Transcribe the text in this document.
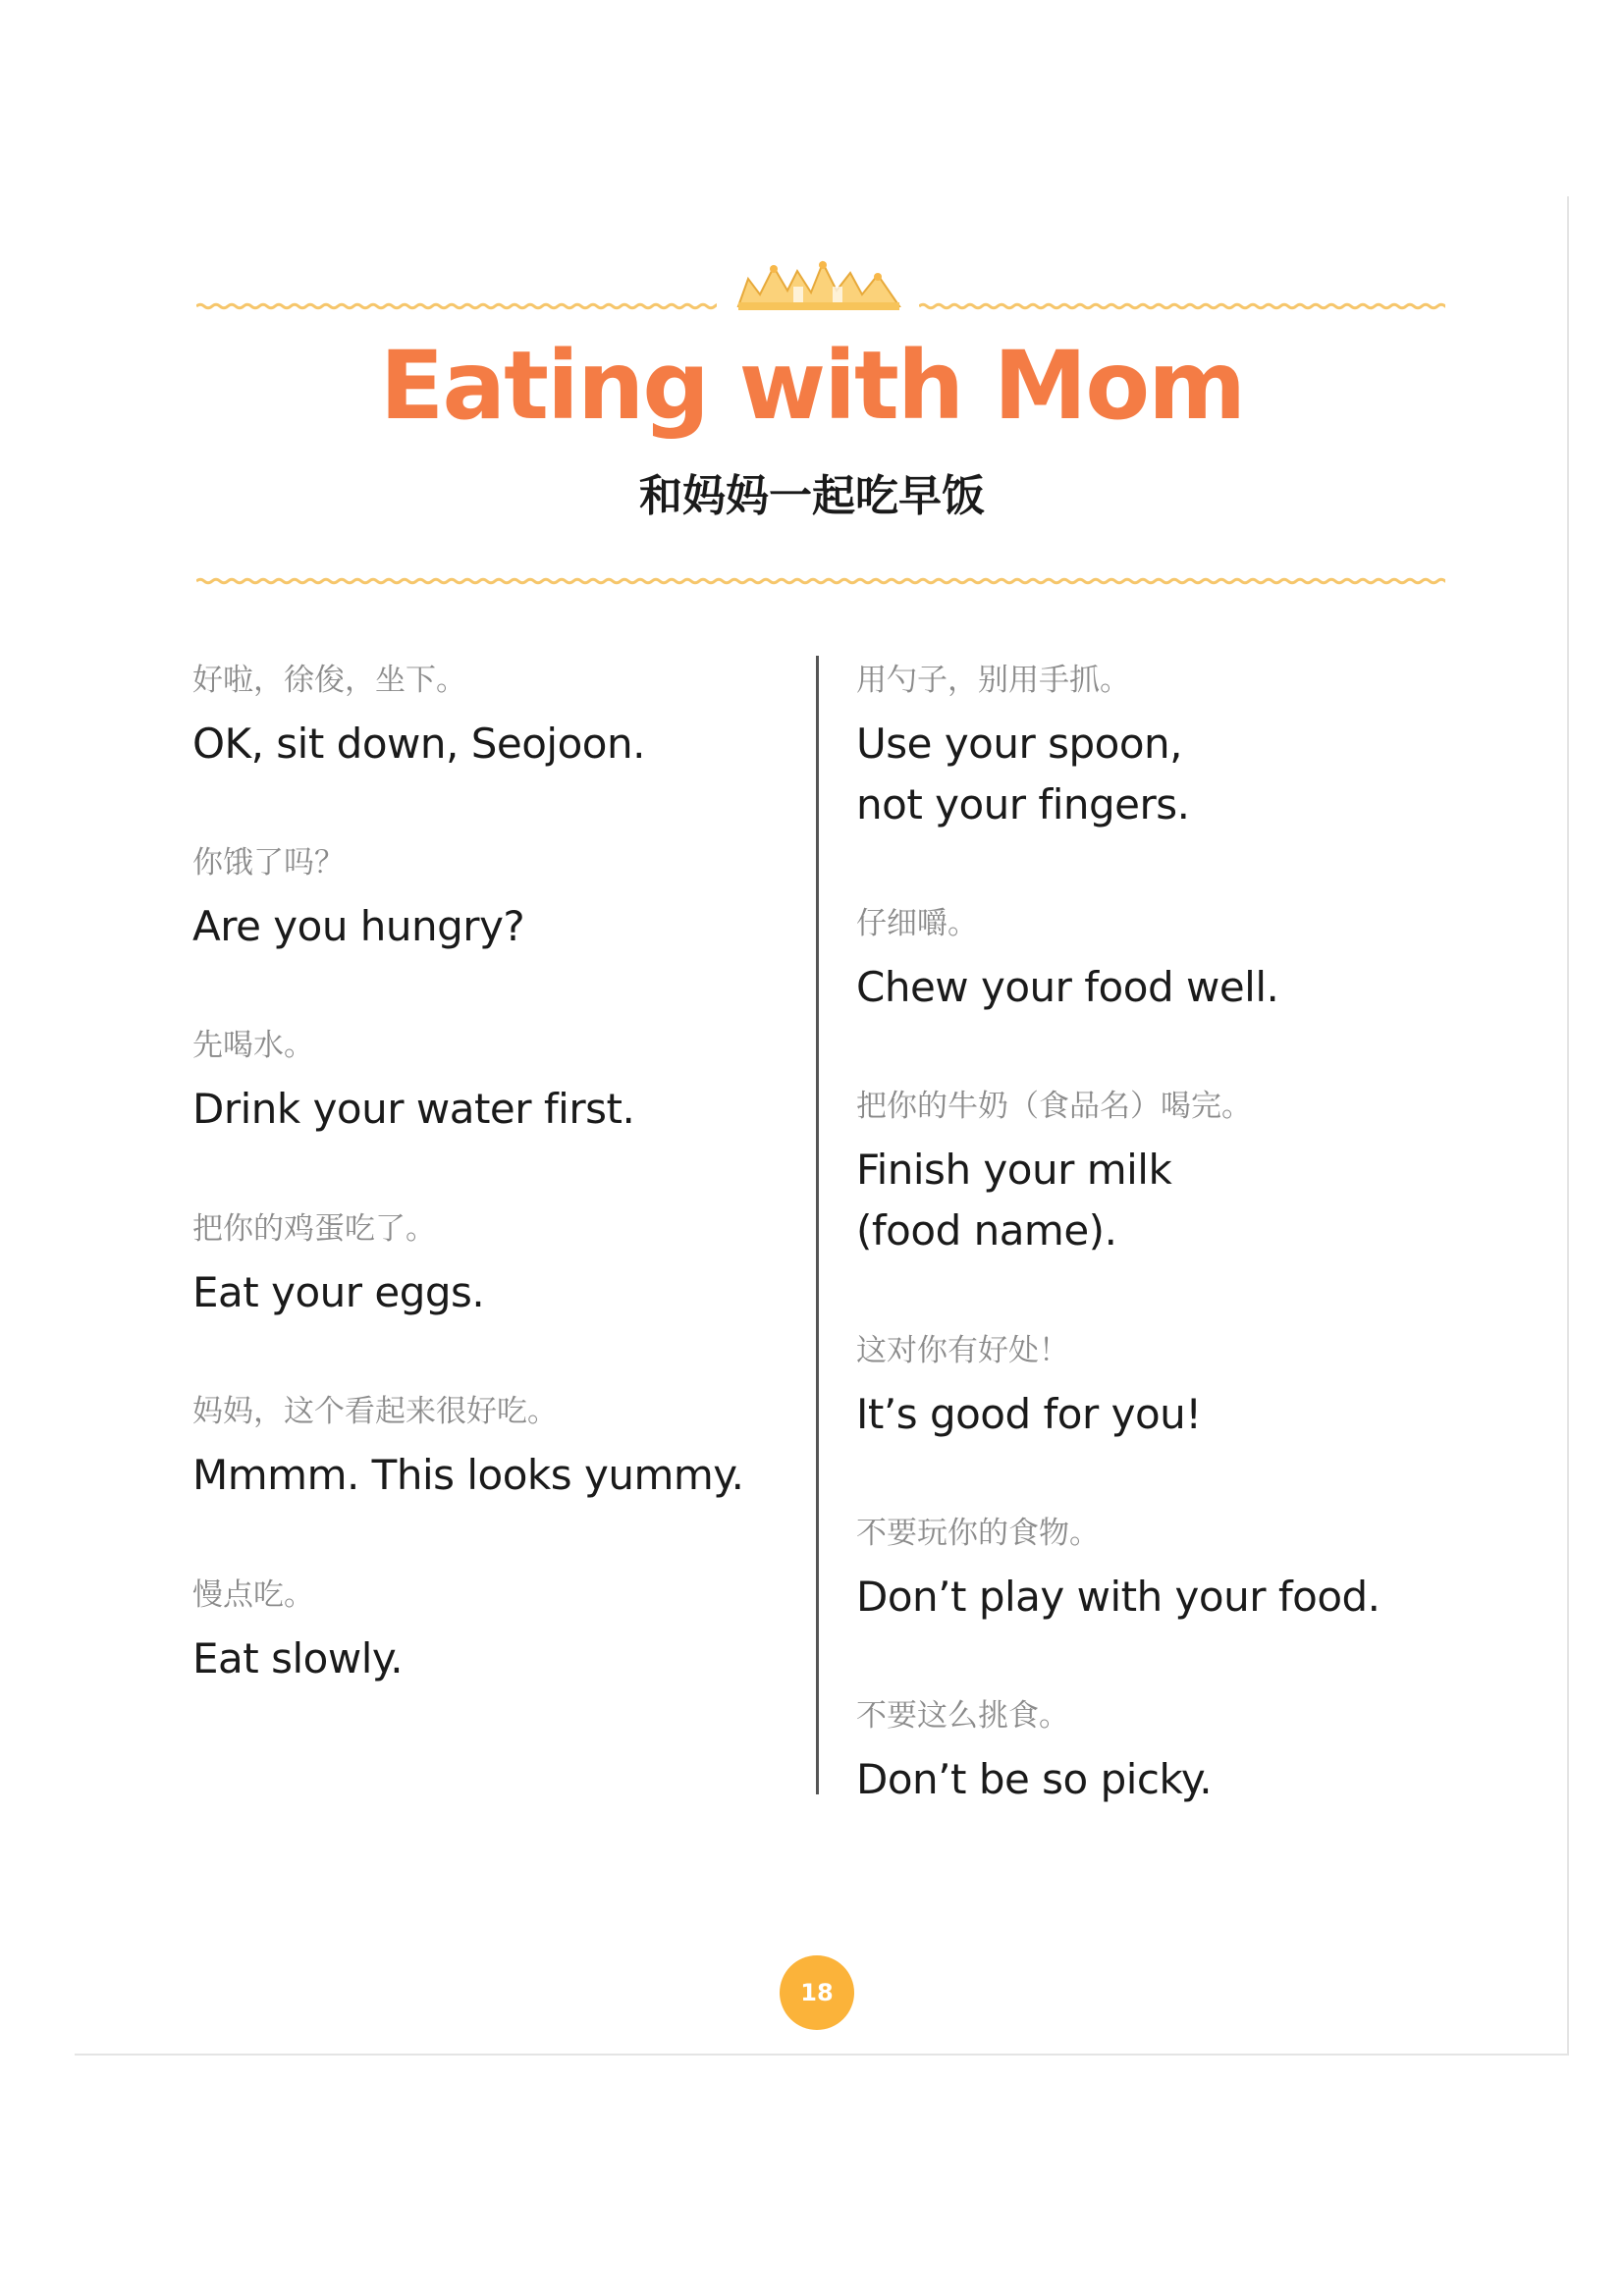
Eating with Mom
和妈妈一起吃早饭
好啦，徐俊，坐下。
OK, sit down, Seojoon.
你饿了吗？
Are you hungry?
先喝水。
Drink your water first.
把你的鸡蛋吃了。
Eat your eggs.
妈妈，这个看起来很好吃。
Mmmm. This looks yummy.
慢点吃。
Eat slowly.
用勺子，别用手抓。
Use your spoon,
not your fingers.
仔细嚼。
Chew your food well.
把你的牛奶（食品名）喝完。
Finish your milk
(food name).
这对你有好处！
It’s good for you!
不要玩你的食物。
Don’t play with your food.
不要这么挑食。
Don’t be so picky.
18
